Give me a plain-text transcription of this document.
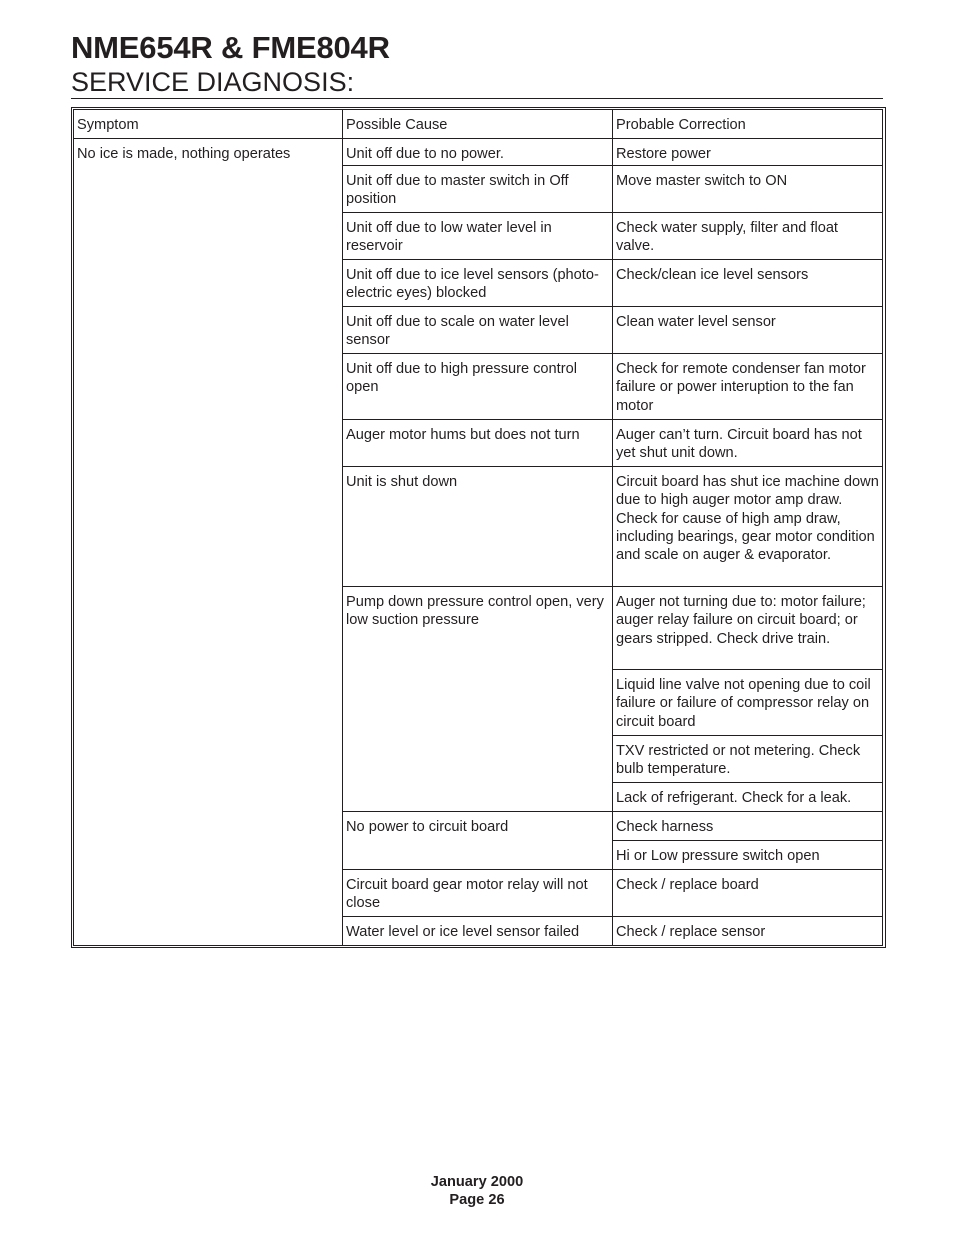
NME654R & FME804R
SERVICE DIAGNOSIS:
Symptom	Possible Cause	Probable Correction
No ice is made, nothing operates	Unit off due to no power.	Restore power
	Unit off due to master switch in Off position	Move master switch to ON
	Unit off due to low water level in reservoir	Check water supply, filter and float valve.
	Unit off due to ice level sensors (photo-electric eyes) blocked	Check/clean ice level sensors
	Unit off due to scale on water level sensor	Clean water level sensor
	Unit off due to high pressure control open	Check for remote condenser fan motor failure or power interuption to the fan motor
	Auger motor hums but does not turn	Auger can’t turn. Circuit board has not yet shut unit down.
	Unit is shut down	Circuit board has shut ice machine down due to high auger motor amp draw. Check for cause of high amp draw, including bearings, gear motor condition and scale on auger & evaporator.
	Pump down pressure control open, very low suction pressure	Auger not turning due to: motor failure; auger relay failure on circuit board; or gears stripped. Check drive train.
		Liquid line valve not opening due to coil failure or failure of compressor relay on circuit board
		TXV restricted or not metering. Check bulb temperature.
		Lack of refrigerant. Check for a leak.
	No power to circuit board	Check harness
		Hi or Low pressure switch open
	Circuit board gear motor relay will not close	Check / replace board
	Water level or ice level sensor failed	Check / replace sensor
January 2000
Page 26
